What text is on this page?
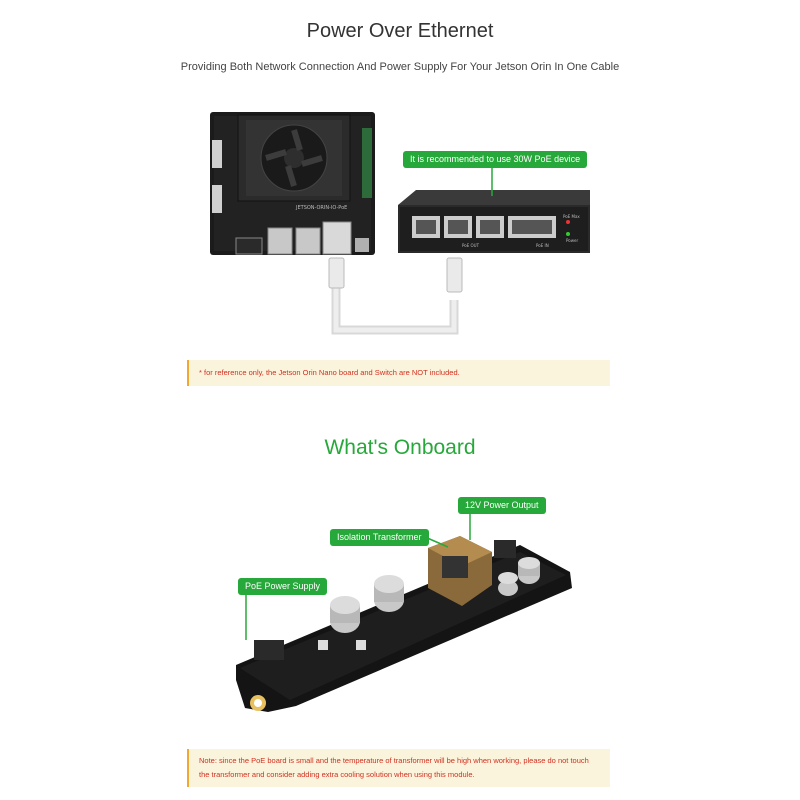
Power Over Ethernet
Providing Both Network Connection And Power Supply For Your Jetson Orin In One Cable
JETSON-ORIN-IO-PoE
PoE OUT	PoE IN
PoE Max
Power
It is recommended to use 30W PoE device
* for reference only, the Jetson Orin Nano board and Switch are NOT included.
What's Onboard
12V Power Output
Isolation Transformer
PoE Power Supply
Note: since the PoE board is small and the temperature of transformer will be high when working, please do not touch the transformer and consider adding extra cooling solution when using this module.
